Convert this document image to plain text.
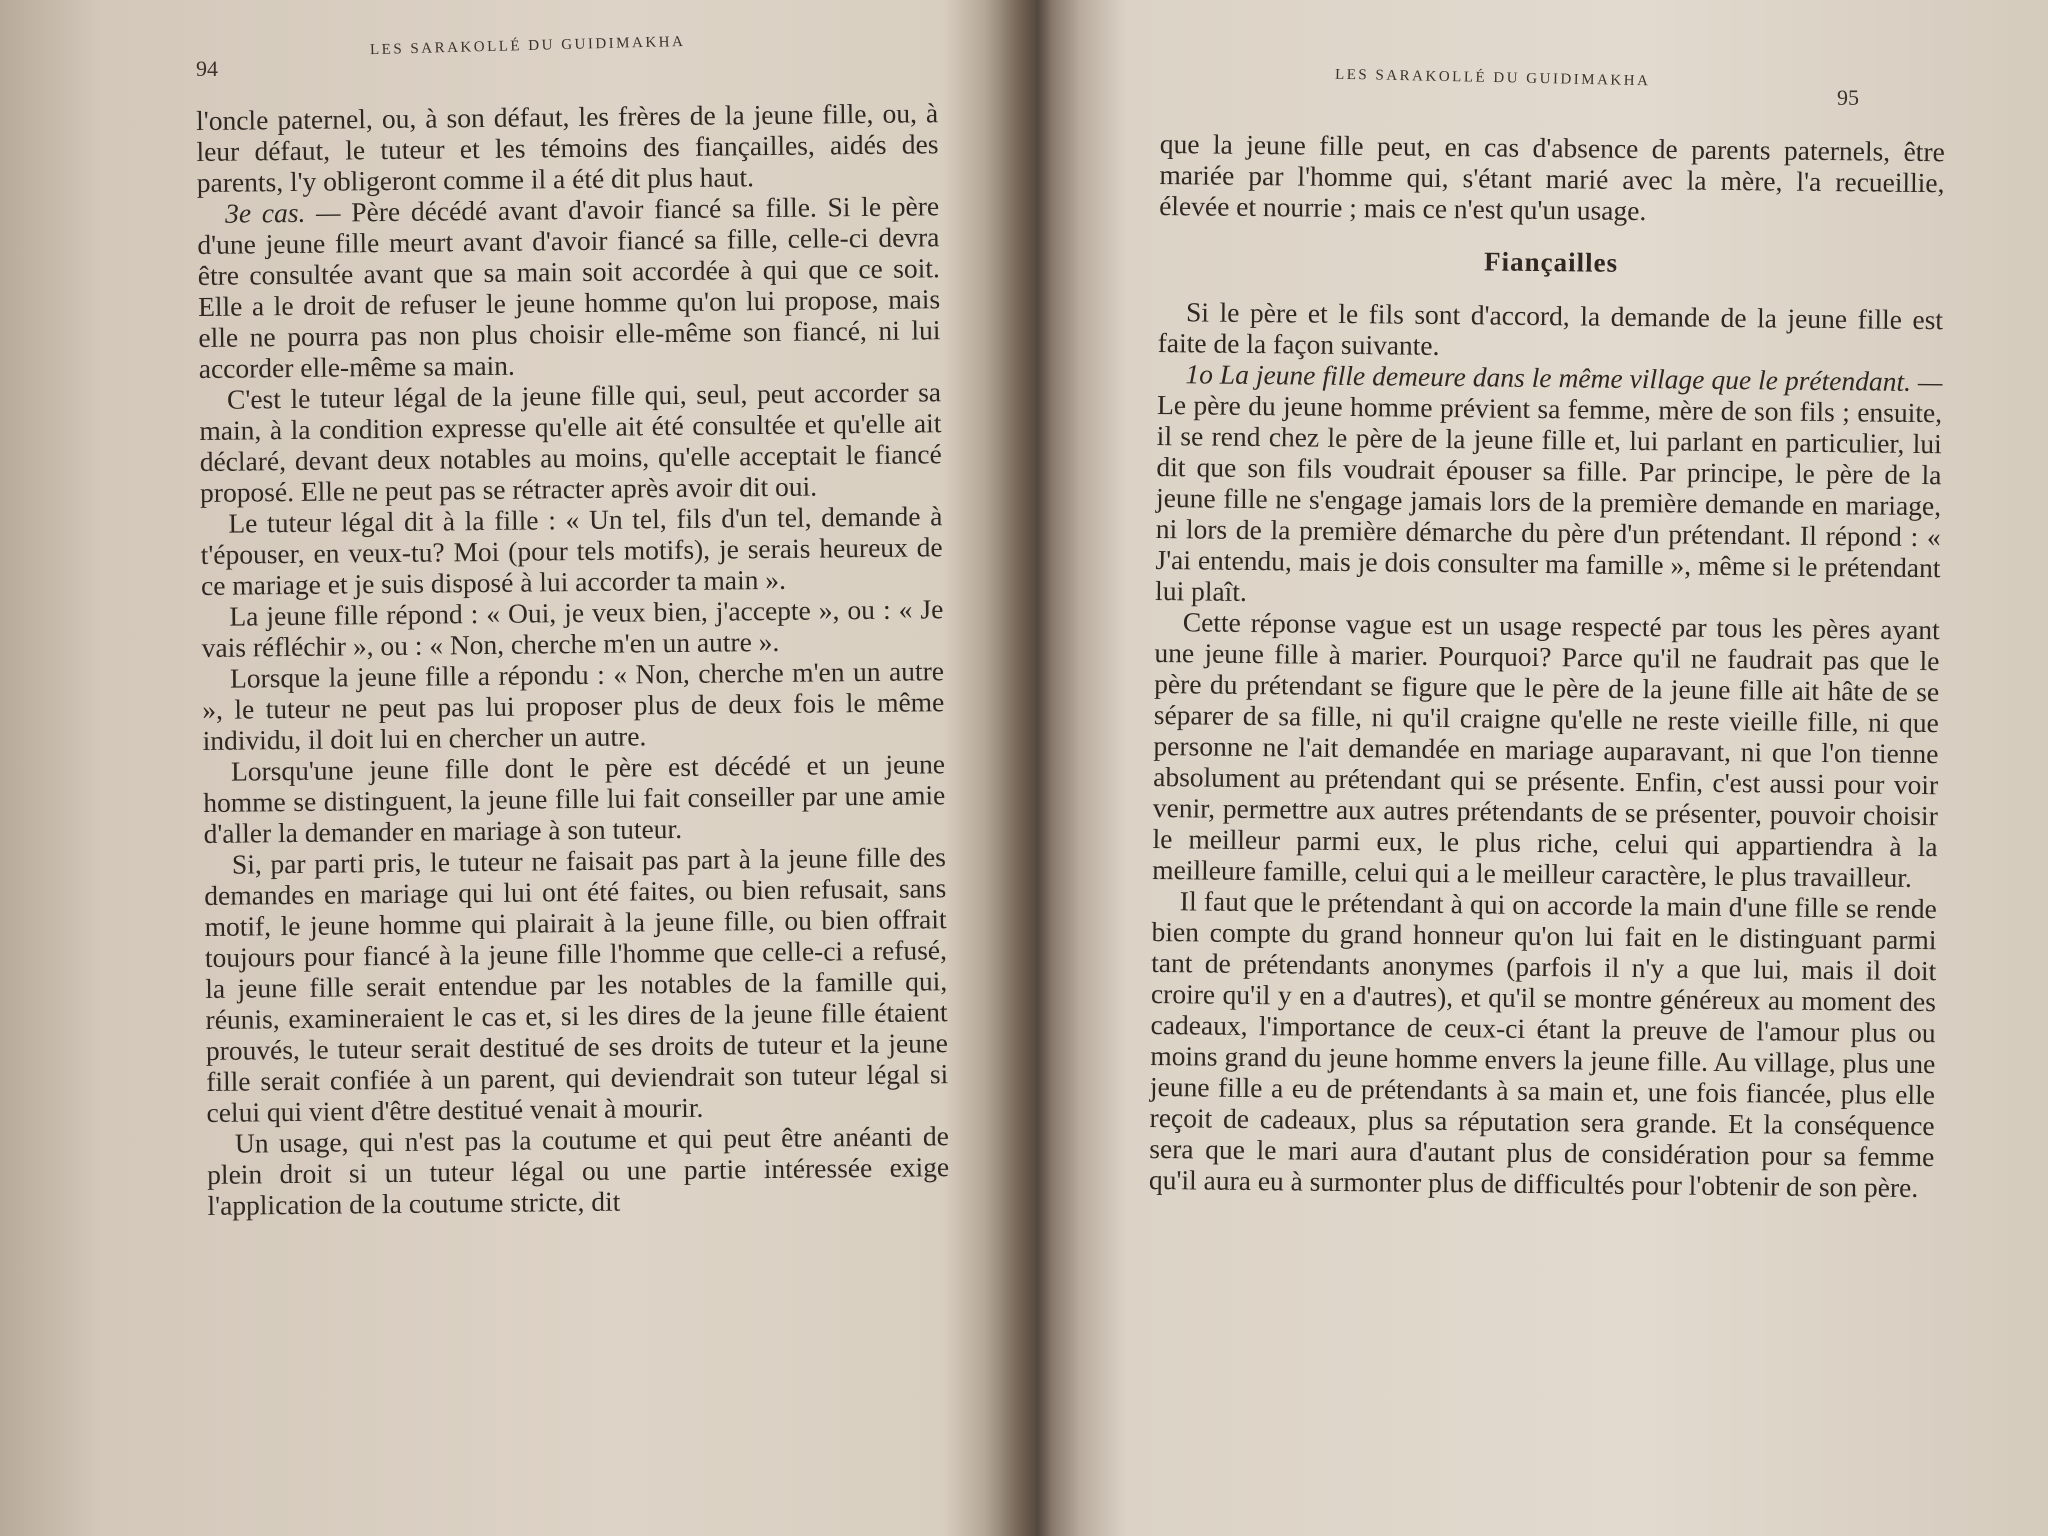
94
LES SARAKOLLÉ DU GUIDIMAKHA

l'oncle paternel, ou, à son défaut, les frères de la jeune fille, ou, à leur défaut, le tuteur et les témoins des fiançailles, aidés des parents, l'y obligeront comme il a été dit plus haut.

3e cas. — Père décédé avant d'avoir fiancé sa fille. Si le père d'une jeune fille meurt avant d'avoir fiancé sa fille, celle-ci devra être consultée avant que sa main soit accordée à qui que ce soit. Elle a le droit de refuser le jeune homme qu'on lui propose, mais elle ne pourra pas non plus choisir elle-même son fiancé, ni lui accorder elle-même sa main.

C'est le tuteur légal de la jeune fille qui, seul, peut accorder sa main, à la condition expresse qu'elle ait été consultée et qu'elle ait déclaré, devant deux notables au moins, qu'elle acceptait le fiancé proposé. Elle ne peut pas se rétracter après avoir dit oui.

Le tuteur légal dit à la fille : « Un tel, fils d'un tel, demande à t'épouser, en veux-tu? Moi (pour tels motifs), je serais heureux de ce mariage et je suis disposé à lui accorder ta main ».

La jeune fille répond : « Oui, je veux bien, j'accepte », ou : « Je vais réfléchir », ou : « Non, cherche m'en un autre ».

Lorsque la jeune fille a répondu : « Non, cherche m'en un autre », le tuteur ne peut pas lui proposer plus de deux fois le même individu, il doit lui en chercher un autre.

Lorsqu'une jeune fille dont le père est décédé et un jeune homme se distinguent, la jeune fille lui fait conseiller par une amie d'aller la demander en mariage à son tuteur.

Si, par parti pris, le tuteur ne faisait pas part à la jeune fille des demandes en mariage qui lui ont été faites, ou bien refusait, sans motif, le jeune homme qui plairait à la jeune fille, ou bien offrait toujours pour fiancé à la jeune fille l'homme que celle-ci a refusé, la jeune fille serait entendue par les notables de la famille qui, réunis, examineraient le cas et, si les dires de la jeune fille étaient prouvés, le tuteur serait destitué de ses droits de tuteur et la jeune fille serait confiée à un parent, qui deviendrait son tuteur légal si celui qui vient d'être destitué venait à mourir.

Un usage, qui n'est pas la coutume et qui peut être anéanti de plein droit si un tuteur légal ou une partie intéressée exige l'application de la coutume stricte, dit

LES SARAKOLLÉ DU GUIDIMAKHA
95

que la jeune fille peut, en cas d'absence de parents paternels, être mariée par l'homme qui, s'étant marié avec la mère, l'a recueillie, élevée et nourrie ; mais ce n'est qu'un usage.

Fiançailles

Si le père et le fils sont d'accord, la demande de la jeune fille est faite de la façon suivante.

1o La jeune fille demeure dans le même village que le prétendant. — Le père du jeune homme prévient sa femme, mère de son fils ; ensuite, il se rend chez le père de la jeune fille et, lui parlant en particulier, lui dit que son fils voudrait épouser sa fille. Par principe, le père de la jeune fille ne s'engage jamais lors de la première demande en mariage, ni lors de la première démarche du père d'un prétendant. Il répond : « J'ai entendu, mais je dois consulter ma famille », même si le prétendant lui plaît.

Cette réponse vague est un usage respecté par tous les pères ayant une jeune fille à marier. Pourquoi? Parce qu'il ne faudrait pas que le père du prétendant se figure que le père de la jeune fille ait hâte de se séparer de sa fille, ni qu'il craigne qu'elle ne reste vieille fille, ni que personne ne l'ait demandée en mariage auparavant, ni que l'on tienne absolument au prétendant qui se présente. Enfin, c'est aussi pour voir venir, permettre aux autres prétendants de se présenter, pouvoir choisir le meilleur parmi eux, le plus riche, celui qui appartiendra à la meilleure famille, celui qui a le meilleur caractère, le plus travailleur.

Il faut que le prétendant à qui on accorde la main d'une fille se rende bien compte du grand honneur qu'on lui fait en le distinguant parmi tant de prétendants anonymes (parfois il n'y a que lui, mais il doit croire qu'il y en a d'autres), et qu'il se montre généreux au moment des cadeaux, l'importance de ceux-ci étant la preuve de l'amour plus ou moins grand du jeune homme envers la jeune fille. Au village, plus une jeune fille a eu de prétendants à sa main et, une fois fiancée, plus elle reçoit de cadeaux, plus sa réputation sera grande. Et la conséquence sera que le mari aura d'autant plus de considération pour sa femme qu'il aura eu à surmonter plus de difficultés pour l'obtenir de son père.
